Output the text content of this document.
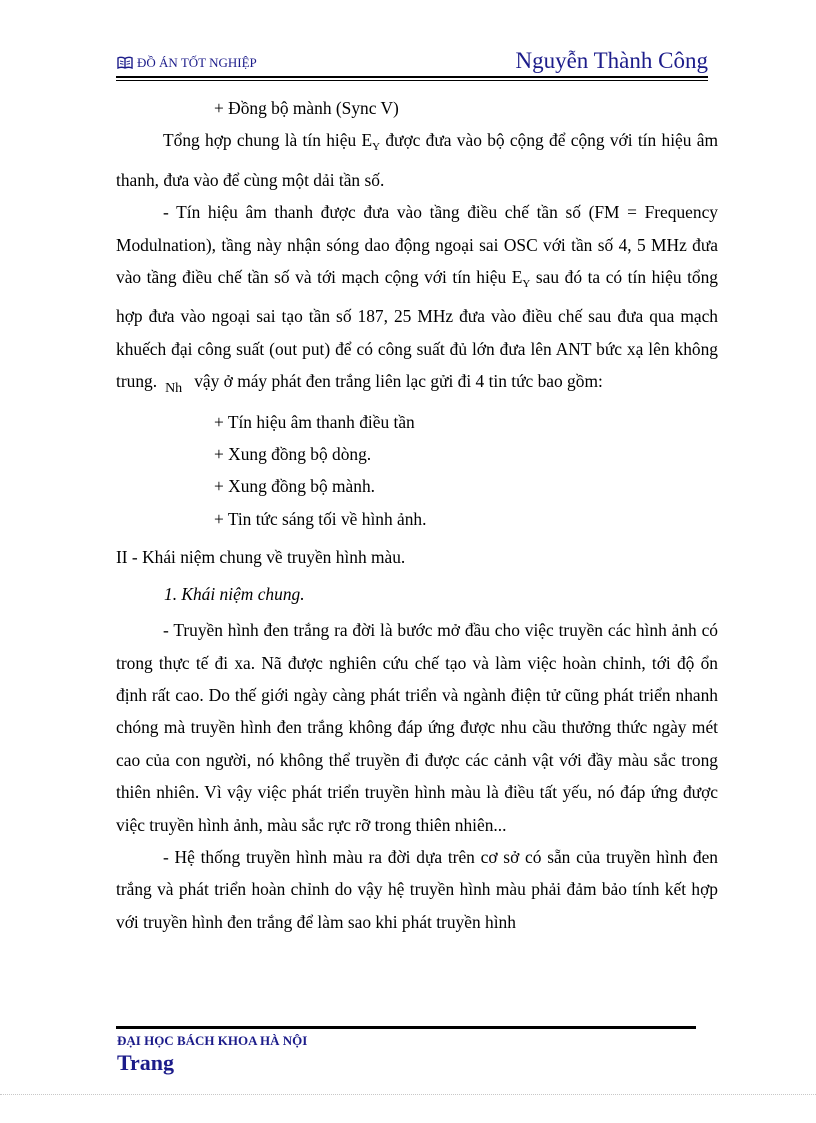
ĐỒ ÁN TỐT NGHIỆP	Nguyễn Thành Công

+ Đồng bộ mành (Sync V)

Tổng hợp chung là tín hiệu $E_Y$ được đưa vào bộ cộng để cộng với tín hiệu âm thanh, đưa vào để cùng một dải tần số.

- Tín hiệu âm thanh được đưa vào tầng điều chế tần số (FM = Frequency Modulnation), tầng này nhận sóng dao động ngoại sai OSC với tần số 4, 5 MHz đưa vào tầng điều chế tần số và tới mạch cộng với tín hiệu $E_Y$ sau đó ta có tín hiệu tổng hợp đưa vào ngoại sai tạo tần số 187, 25 MHz đưa vào điều chế sau đưa qua mạch khuếch đại công suất (out put) để có công suất đủ lớn đưa lên ANT bức xạ lên không trung. $_{Nh}$ vậy ở máy phát đen trắng liên lạc gửi đi 4 tin tức bao gồm:

+ Tín hiệu âm thanh điều tần

+ Xung đồng bộ dòng.

+ Xung đồng bộ mành.

+ Tin tức sáng tối về hình ảnh.

II - Khái niệm chung về truyền hình màu.

1. Khái niệm chung.

- Truyền hình đen trắng ra đời là bước mở đầu cho việc truyền các hình ảnh có trong thực tế đi xa. Nã được nghiên cứu chế tạo và làm việc hoàn chỉnh, tới độ ổn định rất cao. Do thế giới ngày càng phát triển và ngành điện tử cũng phát triển nhanh chóng mà truyền hình đen trắng không đáp ứng được nhu cầu thưởng thức ngày mét cao của con người, nó không thể truyền đi được các cảnh vật với đầy màu sắc trong thiên nhiên. Vì vậy việc phát triển truyền hình màu là điều tất yếu, nó đáp ứng được việc truyền hình ảnh, màu sắc rực rỡ trong thiên nhiên...

- Hệ thống truyền hình màu ra đời dựa trên cơ sở có sẵn của truyền hình đen trắng và phát triển hoàn chỉnh do vậy hệ truyền hình màu phải đảm bảo tính kết hợp với truyền hình đen trắng để làm sao khi phát truyền hình

ĐẠI HỌC BÁCH KHOA HÀ NỘI
Trang
